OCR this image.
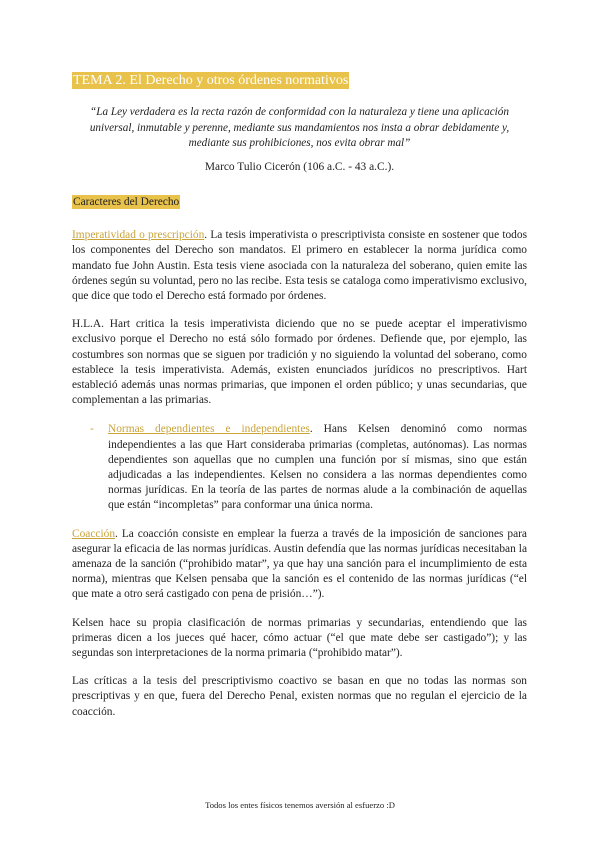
TEMA 2. El Derecho y otros órdenes normativos
“La Ley verdadera es la recta razón de conformidad con la naturaleza y tiene una aplicación universal, inmutable y perenne, mediante sus mandamientos nos insta a obrar debidamente y, mediante sus prohibiciones, nos evita obrar mal”
Marco Tulio Cicerón (106 a.C. - 43 a.C.).
Caracteres del Derecho

Imperatividad o prescripción. La tesis imperativista o prescriptivista consiste en sostener que todos los componentes del Derecho son mandatos. El primero en establecer la norma jurídica como mandato fue John Austin. Esta tesis viene asociada con la naturaleza del soberano, quien emite las órdenes según su voluntad, pero no las recibe. Esta tesis se cataloga como imperativismo exclusivo, que dice que todo el Derecho está formado por órdenes.

H.L.A. Hart critica la tesis imperativista diciendo que no se puede aceptar el imperativismo exclusivo porque el Derecho no está sólo formado por órdenes. Defiende que, por ejemplo, las costumbres son normas que se siguen por tradición y no siguiendo la voluntad del soberano, como establece la tesis imperativista. Además, existen enunciados jurídicos no prescriptivos. Hart estableció además unas normas primarias, que imponen el orden público; y unas secundarias, que complementan a las primarias.

- Normas dependientes e independientes. Hans Kelsen denominó como normas independientes a las que Hart consideraba primarias (completas, autónomas). Las normas dependientes son aquellas que no cumplen una función por sí mismas, sino que están adjudicadas a las independientes. Kelsen no considera a las normas dependientes como normas jurídicas. En la teoría de las partes de normas alude a la combinación de aquellas que están “incompletas” para conformar una única norma.

Coacción. La coacción consiste en emplear la fuerza a través de la imposición de sanciones para asegurar la eficacia de las normas jurídicas. Austin defendía que las normas jurídicas necesitaban la amenaza de la sanción (“prohibido matar”, ya que hay una sanción para el incumplimiento de esta norma), mientras que Kelsen pensaba que la sanción es el contenido de las normas jurídicas (“el que mate a otro será castigado con pena de prisión…”).

Kelsen hace su propia clasificación de normas primarias y secundarias, entendiendo que las primeras dicen a los jueces qué hacer, cómo actuar (“el que mate debe ser castigado”); y las segundas son interpretaciones de la norma primaria (“prohibido matar”).

Las críticas a la tesis del prescriptivismo coactivo se basan en que no todas las normas son prescriptivas y en que, fuera del Derecho Penal, existen normas que no regulan el ejercicio de la coacción.

Todos los entes físicos tenemos aversión al esfuerzo :D
